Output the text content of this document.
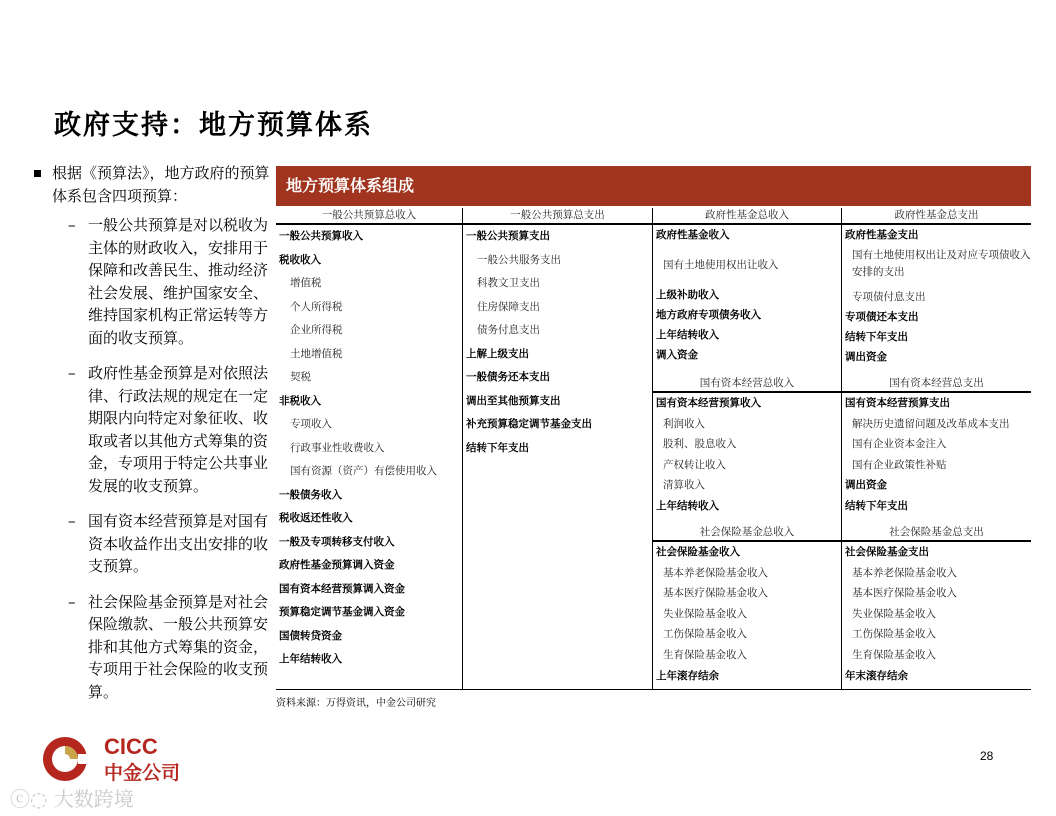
政府支持：地方预算体系
根据《预算法》，地方政府的预算体系包含四项预算：
– 一般公共预算是对以税收为主体的财政收入，安排用于保障和改善民生、推动经济社会发展、维护国家安全、维持国家机构正常运转等方面的收支预算。
– 政府性基金预算是对依照法律、行政法规的规定在一定期限内向特定对象征收、收取或者以其他方式筹集的资金，专项用于特定公共事业发展的收支预算。
– 国有资本经营预算是对国有资本收益作出支出安排的收支预算。
– 社会保险基金预算是对社会保险缴款、一般公共预算安排和其他方式筹集的资金，专项用于社会保险的收支预算。
地方预算体系组成
一般公共预算总收入
一般公共预算收入
税收收入
增值税
个人所得税
企业所得税
土地增值税
契税
非税收入
专项收入
行政事业性收费收入
国有资源（资产）有偿使用收入
一般债务收入
税收返还性收入
一般及专项转移支付收入
政府性基金预算调入资金
国有资本经营预算调入资金
预算稳定调节基金调入资金
国债转贷资金
上年结转收入
一般公共预算总支出
一般公共预算支出
一般公共服务支出
科教文卫支出
住房保障支出
债务付息支出
上解上级支出
一般债务还本支出
调出至其他预算支出
补充预算稳定调节基金支出
结转下年支出
政府性基金总收入
政府性基金收入
国有土地使用权出让收入
上级补助收入
地方政府专项债务收入
上年结转收入
调入资金
政府性基金总支出
政府性基金支出
国有土地使用权出让及对应专项债收入安排的支出
专项债付息支出
专项债还本支出
结转下年支出
调出资金
国有资本经营总收入
国有资本经营预算收入
利润收入
股利、股息收入
产权转让收入
清算收入
上年结转收入
国有资本经营总支出
国有资本经营预算支出
解决历史遗留问题及改革成本支出
国有企业资本金注入
国有企业政策性补贴
调出资金
结转下年支出
社会保险基金总收入
社会保险基金收入
基本养老保险基金收入
基本医疗保险基金收入
失业保险基金收入
工伤保险基金收入
生育保险基金收入
上年滚存结余
社会保险基金总支出
社会保险基金支出
基本养老保险基金收入
基本医疗保险基金收入
失业保险基金收入
工伤保险基金收入
生育保险基金收入
年末滚存结余
资料来源：万得资讯，中金公司研究
CICC
中金公司
28
ⓒ◌ 大数跨境
